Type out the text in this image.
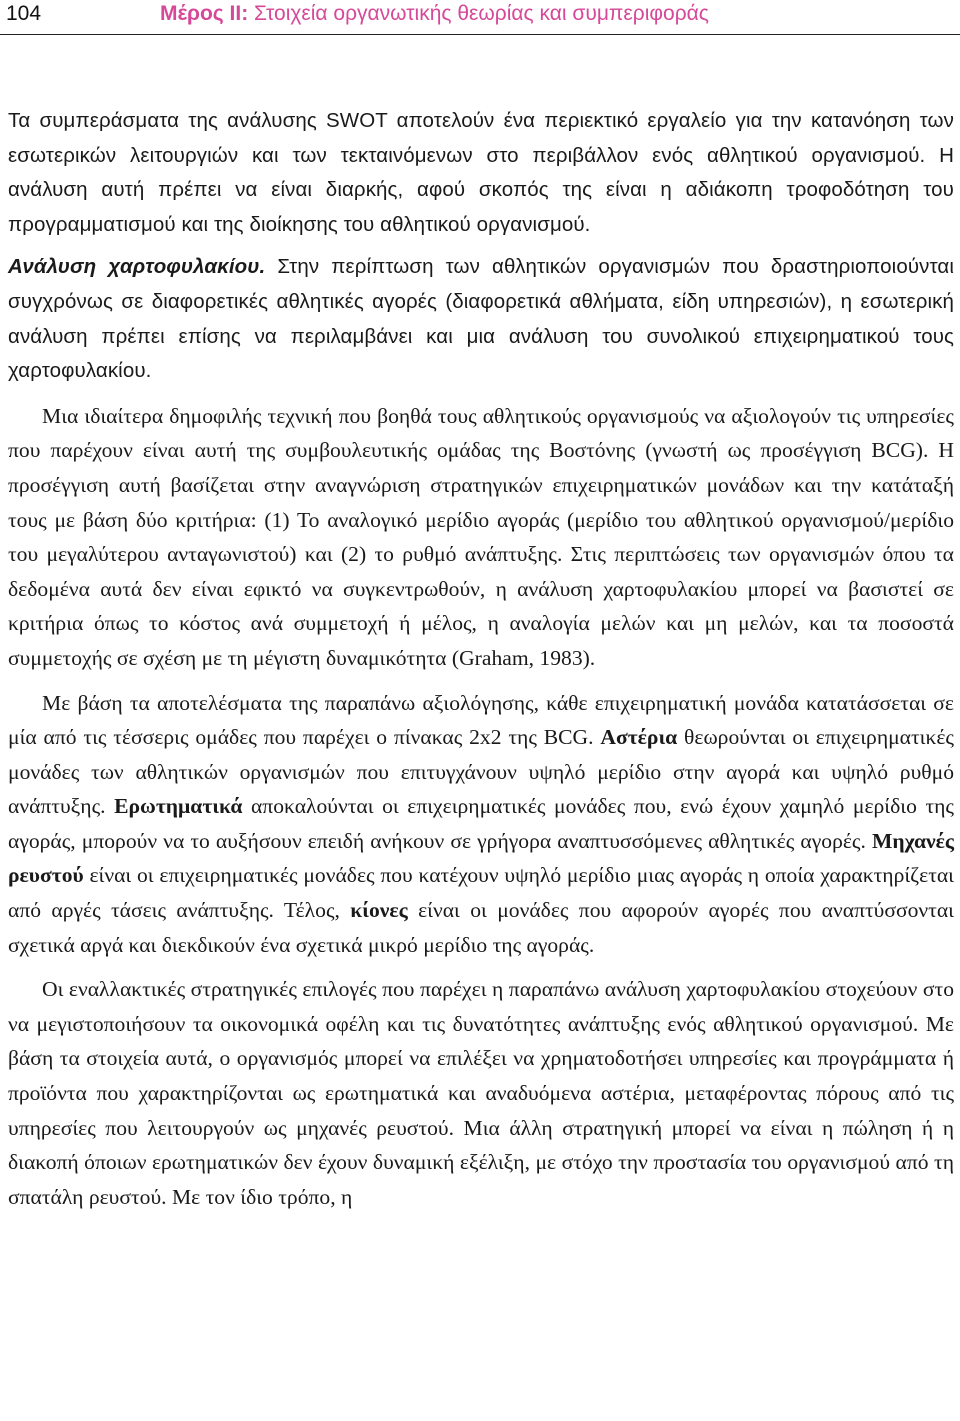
104	Μέρος ΙΙ: Στοιχεία οργανωτικής θεωρίας και συμπεριφοράς

Τα συμπεράσματα της ανάλυσης SWOT αποτελούν ένα περιεκτικό εργαλείο για την κατανόηση των εσωτερικών λειτουργιών και των τεκταινόμενων στο περιβάλλον ενός αθλητικού οργανισμού. Η ανάλυση αυτή πρέπει να είναι διαρκής, αφού σκοπός της είναι η αδιάκοπη τροφοδότηση του προγραμματισμού και της διοίκησης του αθλητικού οργανισμού.

Ανάλυση χαρτοφυλακίου. Στην περίπτωση των αθλητικών οργανισμών που δραστηριοποιούνται συγχρόνως σε διαφορετικές αθλητικές αγορές (διαφορετικά αθλήματα, είδη υπηρεσιών), η εσωτερική ανάλυση πρέπει επίσης να περιλαμβάνει και μια ανάλυση του συνολικού επιχειρηματικού τους χαρτοφυλακίου.

Μια ιδιαίτερα δημοφιλής τεχνική που βοηθά τους αθλητικούς οργανισμούς να αξιολογούν τις υπηρεσίες που παρέχουν είναι αυτή της συμβουλευτικής ομάδας της Βοστόνης (γνωστή ως προσέγγιση BCG). Η προσέγγιση αυτή βασίζεται στην αναγνώριση στρατηγικών επιχειρηματικών μονάδων και την κατάταξή τους με βάση δύο κριτήρια: (1) Το αναλογικό μερίδιο αγοράς (μερίδιο του αθλητικού οργανισμού/μερίδιο του μεγαλύτερου ανταγωνιστού) και (2) το ρυθμό ανάπτυξης. Στις περιπτώσεις των οργανισμών όπου τα δεδομένα αυτά δεν είναι εφικτό να συγκεντρωθούν, η ανάλυση χαρτοφυλακίου μπορεί να βασιστεί σε κριτήρια όπως το κόστος ανά συμμετοχή ή μέλος, η αναλογία μελών και μη μελών, και τα ποσοστά συμμετοχής σε σχέση με τη μέγιστη δυναμικότητα (Graham, 1983).

Με βάση τα αποτελέσματα της παραπάνω αξιολόγησης, κάθε επιχειρηματική μονάδα κατατάσσεται σε μία από τις τέσσερις ομάδες που παρέχει ο πίνακας 2x2 της BCG. Αστέρια θεωρούνται οι επιχειρηματικές μονάδες των αθλητικών οργανισμών που επιτυγχάνουν υψηλό μερίδιο στην αγορά και υψηλό ρυθμό ανάπτυξης. Ερωτηματικά αποκαλούνται οι επιχειρηματικές μονάδες που, ενώ έχουν χαμηλό μερίδιο της αγοράς, μπορούν να το αυξήσουν επειδή ανήκουν σε γρήγορα αναπτυσσόμενες αθλητικές αγορές. Μηχανές ρευστού είναι οι επιχειρηματικές μονάδες που κατέχουν υψηλό μερίδιο μιας αγοράς η οποία χαρακτηρίζεται από αργές τάσεις ανάπτυξης. Τέλος, κίονες είναι οι μονάδες που αφορούν αγορές που αναπτύσσονται σχετικά αργά και διεκδικούν ένα σχετικά μικρό μερίδιο της αγοράς.

Οι εναλλακτικές στρατηγικές επιλογές που παρέχει η παραπάνω ανάλυση χαρτοφυλακίου στοχεύουν στο να μεγιστοποιήσουν τα οικονομικά οφέλη και τις δυνατότητες ανάπτυξης ενός αθλητικού οργανισμού. Με βάση τα στοιχεία αυτά, ο οργανισμός μπορεί να επιλέξει να χρηματοδοτήσει υπηρεσίες και προγράμματα ή προϊόντα που χαρακτηρίζονται ως ερωτηματικά και αναδυόμενα αστέρια, μεταφέροντας πόρους από τις υπηρεσίες που λειτουργούν ως μηχανές ρευστού. Μια άλλη στρατηγική μπορεί να είναι η πώληση ή η διακοπή όποιων ερωτηματικών δεν έχουν δυναμική εξέλιξη, με στόχο την προστασία του οργανισμού από τη σπατάλη ρευστού. Με τον ίδιο τρόπο, η
